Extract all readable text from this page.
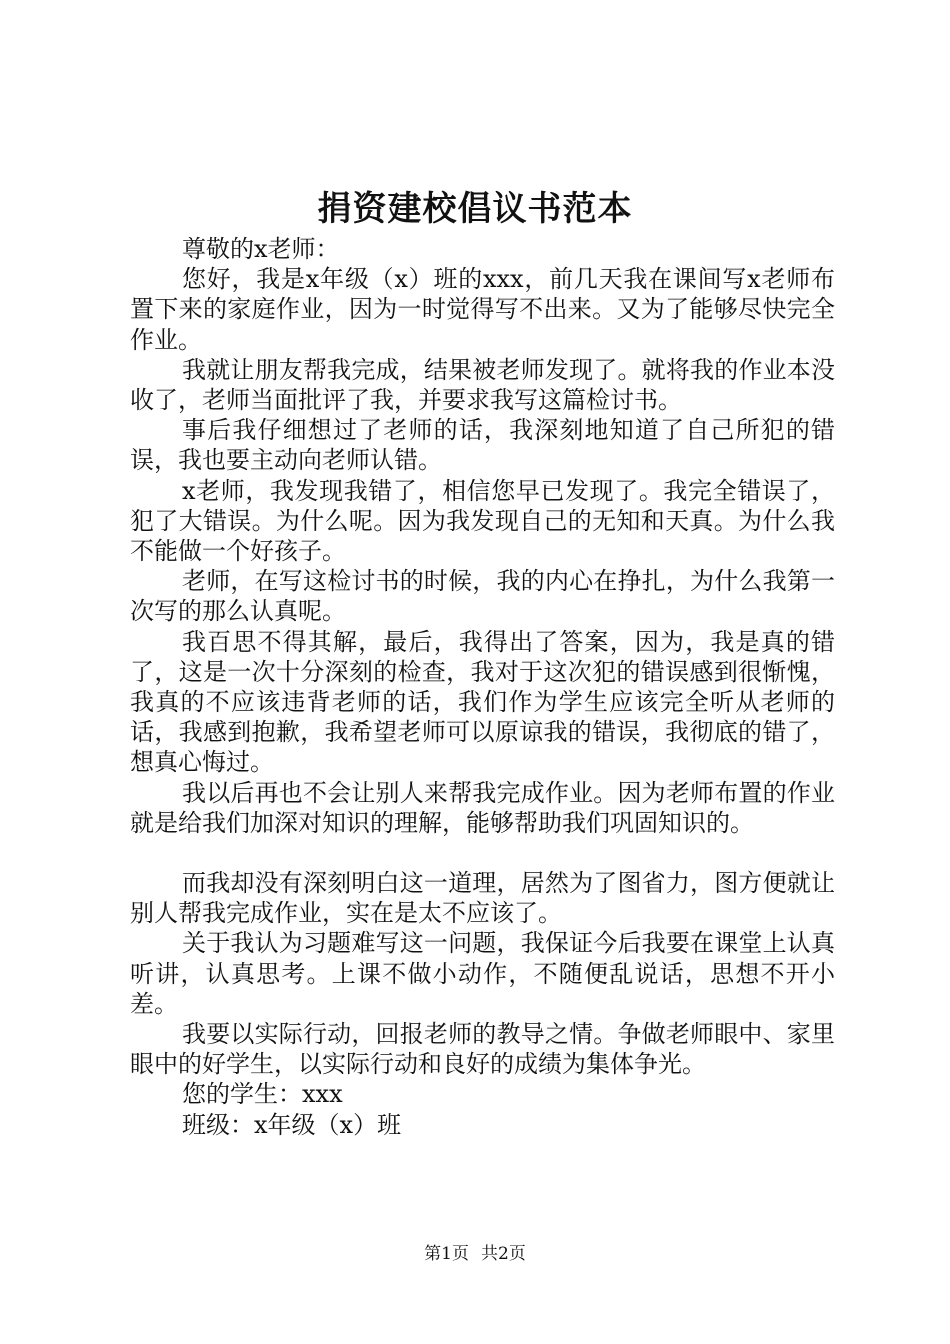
捐资建校倡议书范本

尊敬的x老师：

您好，我是x年级（x）班的xxx，前几天我在课间写x老师布置下来的家庭作业，因为一时觉得写不出来。又为了能够尽快完全作业。

我就让朋友帮我完成，结果被老师发现了。就将我的作业本没收了，老师当面批评了我，并要求我写这篇检讨书。

事后我仔细想过了老师的话，我深刻地知道了自己所犯的错误，我也要主动向老师认错。

x老师，我发现我错了，相信您早已发现了。我完全错误了，犯了大错误。为什么呢。因为我发现自己的无知和天真。为什么我不能做一个好孩子。

老师，在写这检讨书的时候，我的内心在挣扎，为什么我第一次写的那么认真呢。

我百思不得其解，最后，我得出了答案，因为，我是真的错了，这是一次十分深刻的检查，我对于这次犯的错误感到很惭愧，我真的不应该违背老师的话，我们作为学生应该完全听从老师的话，我感到抱歉，我希望老师可以原谅我的错误，我彻底的错了，想真心悔过。

我以后再也不会让别人来帮我完成作业。因为老师布置的作业就是给我们加深对知识的理解，能够帮助我们巩固知识的。

而我却没有深刻明白这一道理，居然为了图省力，图方便就让别人帮我完成作业，实在是太不应该了。

关于我认为习题难写这一问题，我保证今后我要在课堂上认真听讲，认真思考。上课不做小动作，不随便乱说话，思想不开小差。

我要以实际行动，回报老师的教导之情。争做老师眼中、家里眼中的好学生，以实际行动和良好的成绩为集体争光。

您的学生：xxx

班级：x年级（x）班

第1页 共2页
